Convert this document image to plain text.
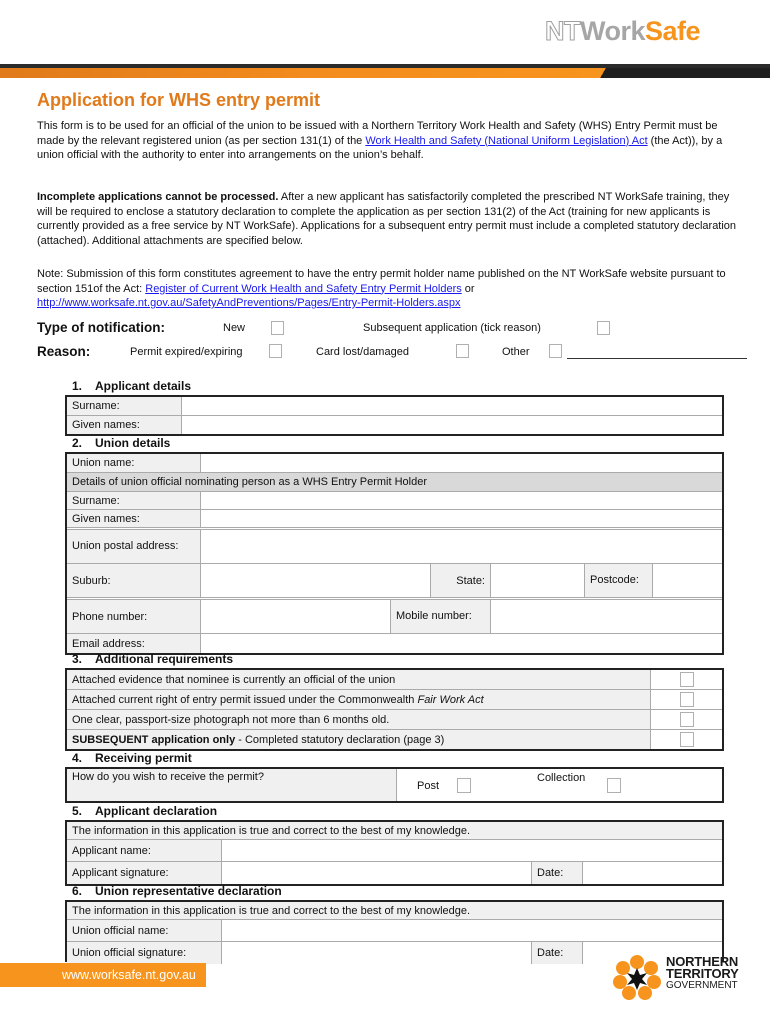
NTWorkSafe
Application for WHS entry permit

This form is to be used for an official of the union to be issued with a Northern Territory Work Health and Safety (WHS) Entry Permit must be made by the relevant registered union (as per section 131(1) of the Work Health and Safety (National Uniform Legislation) Act (the Act)), by a union official with the authority to enter into arrangements on the union’s behalf.

Incomplete applications cannot be processed. After a new applicant has satisfactorily completed the prescribed NT WorkSafe training, they will be required to enclose a statutory declaration to complete the application as per section 131(2) of the Act (training for new applicants is currently provided as a free service by NT WorkSafe). Applications for a subsequent entry permit must include a completed statutory declaration (attached). Additional attachments are specified below.

Note: Submission of this form constitutes agreement to have the entry permit holder name published on the NT WorkSafe website pursuant to section 151of the Act: Register of Current Work Health and Safety Entry Permit Holders or http://www.worksafe.nt.gov.au/SafetyAndPreventions/Pages/Entry-Permit-Holders.aspx

Type of notification:	New	Subsequent application (tick reason)
Reason:	Permit expired/expiring	Card lost/damaged	Other
1. Applicant details
Surname:
Given names:
2. Union details
Union name:
Details of union official nominating person as a WHS Entry Permit Holder
Surname:
Given names:
Union postal address:
Suburb:	State:	Postcode:
Phone number:	Mobile number:
Email address:
3. Additional requirements
Attached evidence that nominee is currently an official of the union
Attached current right of entry permit issued under the Commonwealth
Fair Work Act
One clear, passport-size photograph not more than 6 months old.
SUBSEQUENT application only - Completed statutory declaration (page 3)
4. Receiving permit
How do you wish to receive the permit?
Post
Collection
5. Applicant declaration
The information in this application is true and correct to the best of my knowledge.
Applicant name:
Applicant signature:	Date:
6. Union representative declaration
The information in this application is true and correct to the best of my knowledge.
Union official name:
Union official signature:	Date:
www.worksafe.nt.gov.au
NORTHERN
TERRITORY
GOVERNMENT
